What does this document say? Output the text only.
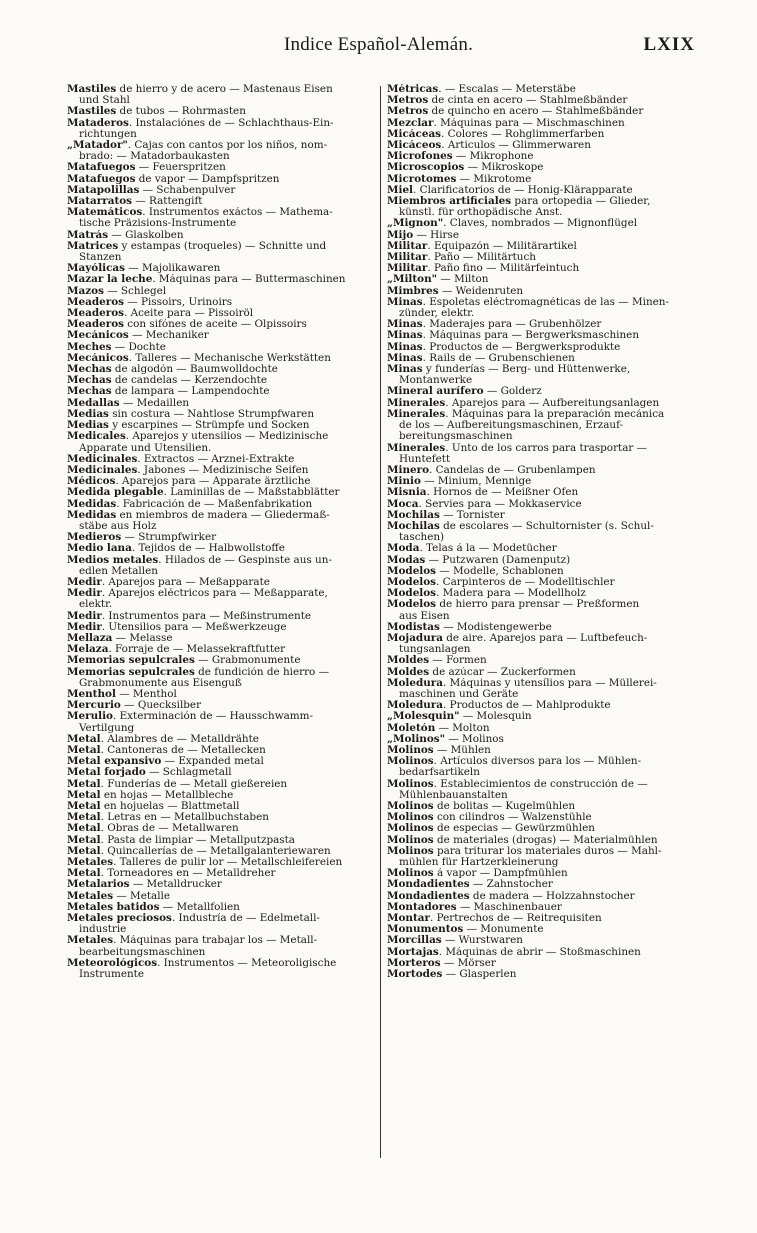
Indice Español-Alemán.	LXIX

Mastiles de hierro y de acero — Mastenaus Eisen
und Stahl

Mastiles de tubos — Rohrmasten

Mataderos. Instalaciónes de — Schlachthaus-Ein-
richtungen

„Matador". Cajas con cantos por los niños, nom-
brado: — Matadorbaukasten

Matafuegos — Feuerspritzen

Matafuegos de vapor — Dampfspritzen

Matapolillas — Schabenpulver

Matarratos — Rattengift

Matemáticos. Instrumentos exáctos — Mathema-
tische Präzisions-Instrumente

Matrás — Glaskolben

Matrices y estampas (troqueles) — Schnitte und
Stanzen

Mayólicas — Majolikawaren

Mazar la leche. Máquinas para — Buttermaschinen

Mazos — Schlegel

Meaderos — Pissoirs, Urinoirs

Meaderos. Aceite para — Pissoiröl

Meaderos con sifónes de aceite — Ölpissoirs

Mecánicos — Mechaniker

Meches — Dochte

Mecánicos. Talleres — Mechanische Werkstätten

Mechas de algodón — Baumwolldochte

Mechas de candelas — Kerzendochte

Mechas de lampara — Lampendochte

Medallas — Medaillen

Medias sin costura — Nahtlose Strumpfwaren

Medias y escarpines — Strümpfe und Socken

Medicales. Aparejos y utensilios — Medizinische
Apparate und Utensilien.

Medicinales. Extractos — Arznei-Extrakte

Medicinales. Jabones — Medizinische Seifen

Médicos. Aparejos para — Apparate ärztliche

Medida plegable. Laminillas de — Maßstabblätter

Medidas. Fabricación de — Maßenfabrikation

Medidas en miembros de madera — Gliedermaß-
stäbe aus Holz

Medieros — Strumpfwirker

Medio lana. Tejidos de — Halbwollstoffe

Medios metales. Hilados de — Gespinste aus un-
edlen Metallen

Medir. Aparejos para — Meßapparate

Medir. Aparejos eléctricos para — Meßapparate,
elektr.

Medir. Instrumentos para — Meßinstrumente

Medir. Utensilios para — Meßwerkzeuge

Mellaza — Melasse

Melaza. Forraje de — Melassekraftfutter

Memorias sepulcrales — Grabmonumente

Memorias sepulcrales de fundición de hierro —
Grabmonumente aus Eisenguß

Menthol — Menthol

Mercurio — Quecksilber

Merulio. Exterminación de — Hausschwamm-
Vertilgung

Metal. Alambres de — Metalldrähte

Metal. Cantoneras de — Metallecken

Metal expansivo — Expanded metal

Metal forjado — Schlagmetall

Metal. Funderías de — Metall gießereien

Metal en hojas — Metallbleche

Metal en hojuelas — Blattmetall

Metal. Letras en — Metallbuchstaben

Metal. Obras de — Metallwaren

Metal. Pasta de limpiar — Metallputzpasta

Metal. Quincallerías de — Metallgalanteriewaren

Metales. Talleres de pulir lor — Metallschleifereien

Metal. Torneadores en — Metalldreher

Metalarios — Metalldrucker

Metales — Metalle

Metales batidos — Metallfolien

Metales preciosos. Industría de — Edelmetall-
industrie

Metales. Máquinas para trabajar los — Metall-
bearbeitungsmaschinen

Meteorológicos. Instrumentos — Meteoroligische
Instrumente

Métricas. — Escalas — Meterstäbe

Metros de cinta en acero — Stahlmeßbänder

Metros de quincho en acero — Stahlmeßbänder

Mezclar. Máquinas para — Mischmaschinen

Micáceas. Colores — Rohglimmerfarben

Micáceos. Articulos — Glimmerwaren

Microfones — Mikrophone

Microscopios — Mikroskope

Microtomes — Mikrotome

Miel. Clarificatorios de — Honig-Klärapparate

Miembros artificiales para ortopedia — Glieder,
künstl. für orthopädische Anst.

„Mignon". Claves, nombrados — Mignonflügel

Mijo — Hirse

Militar. Equipazón — Militärartikel

Militar. Paño — Militärtuch

Militar. Paño fino — Militärfeintuch

„Milton" — Milton

Mimbres — Weidenruten

Minas. Espoletas eléctromagnéticas de las — Minen-
zünder, elektr.

Minas. Maderajes para — Grubenhölzer

Minas. Máquinas para — Bergwerksmaschinen

Minas. Productos de — Bergwerksprodukte

Minas. Rails de — Grubenschienen

Minas y funderías — Berg- und Hüttenwerke,
Montanwerke

Mineral aurífero — Golderz

Minerales. Aparejos para — Aufbereitungsanlagen

Minerales. Máquinas para la preparación mecánica
de los — Aufbereitungsmaschinen, Erzauf-
bereitungsmaschinen

Minerales. Unto de los carros para trasportar —
Huntefett

Minero. Candelas de — Grubenlampen

Minio — Minium, Mennige

Misnia. Hornos de — Meißner Öfen

Moca. Servies para — Mokkaservice

Mochilas — Tornister

Mochilas de escolares — Schultornister (s. Schul-
taschen)

Moda. Telas á la — Modetücher

Modas — Putzwaren (Damenputz)

Modelos — Modelle, Schablonen

Modelos. Carpinteros de — Modelltischler

Modelos. Madera para — Modellholz

Modelos de hierro para prensar — Preßformen
aus Eisen

Modistas — Modistengewerbe

Mojadura de aire. Aparejos para — Luftbefeuch-
tungsanlagen

Moldes — Formen

Moldes de azúcar — Zuckerformen

Moledura. Máquinas y utensílios para — Müllerei-
maschinen und Geräte

Moledura. Productos de — Mahlprodukte

„Molesquin" — Molesquin

Moletón — Molton

„Molinos" — Molinos

Molinos — Mühlen

Molinos. Artículos diversos para los — Mühlen-
bedarfsartikeln

Molinos. Establecimientos de construcción de —
Mühlenbauanstalten

Molinos de bolitas — Kugelmühlen

Molinos con cilindros — Walzenstühle

Molinos de especias — Gewürzmühlen

Molinos de materiales (drogas) — Materialmühlen

Molinos para triturar los materiales duros — Mahl-
mühlen für Hartzerkleinerung

Molinos á vapor — Dampfmühlen

Mondadientes — Zahnstocher

Mondadientes de madera — Holzzahnstocher

Montadores — Maschinenbauer

Montar. Pertrechos de — Reitrequisiten

Monumentos — Monumente

Morcillas — Wurstwaren

Mortajas. Máquinas de abrir — Stoßmaschinen

Morteros — Mörser

Mortodes — Glasperlen
